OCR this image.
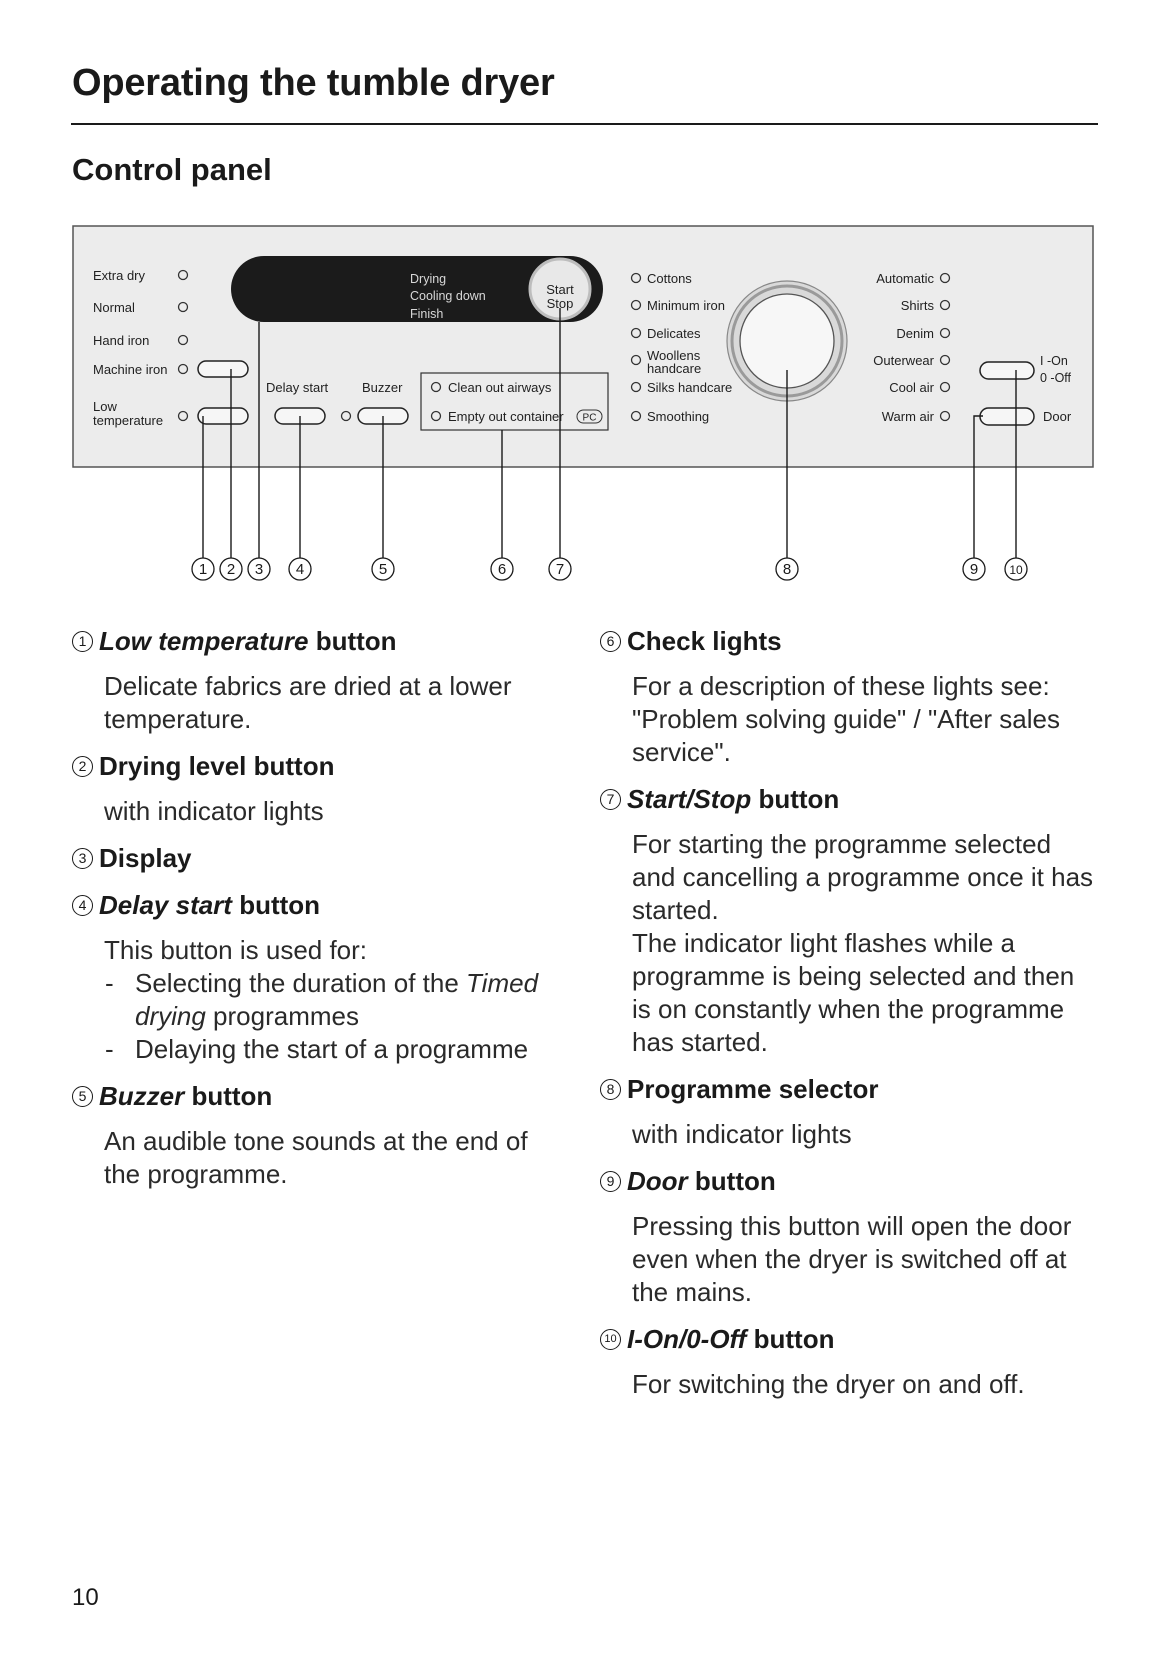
Operating the tumble dryer
Control panel
Extra dry
Normal
Hand iron
Machine iron
Low
temperature
Drying
Cooling down
Finish
Start
Stop
Delay start	Buzzer	Clean out airways
Empty out container PC
Cottons
Minimum iron
Delicates
Woollens
handcare
Silks handcare
Smoothing
Automatic
Shirts
Denim
Outerwear
Cool air
Warm air
I -On
0 -Off
Door
1 2 3 4	5	6	7	8	9	10
1 Low temperature button
Delicate fabrics are dried at a lower temperature.
2 Drying level button
with indicator lights
3 Display
4 Delay start button

This button is used for:

- Selecting the duration of the Timed drying programmes
- Delaying the start of a programme
5 Buzzer button
An audible tone sounds at the end of the programme.
6 Check lights
For a description of these lights see: "Problem solving guide" / "After sales service".
7 Start/Stop button

For starting the programme selected and cancelling a programme once it has started.

The indicator light flashes while a programme is being selected and then is on constantly when the programme has started.

8 Programme selector
with indicator lights
9 Door button
Pressing this button will open the door even when the dryer is switched off at the mains.
10 I-On/0-Off button
For switching the dryer on and off.
10
